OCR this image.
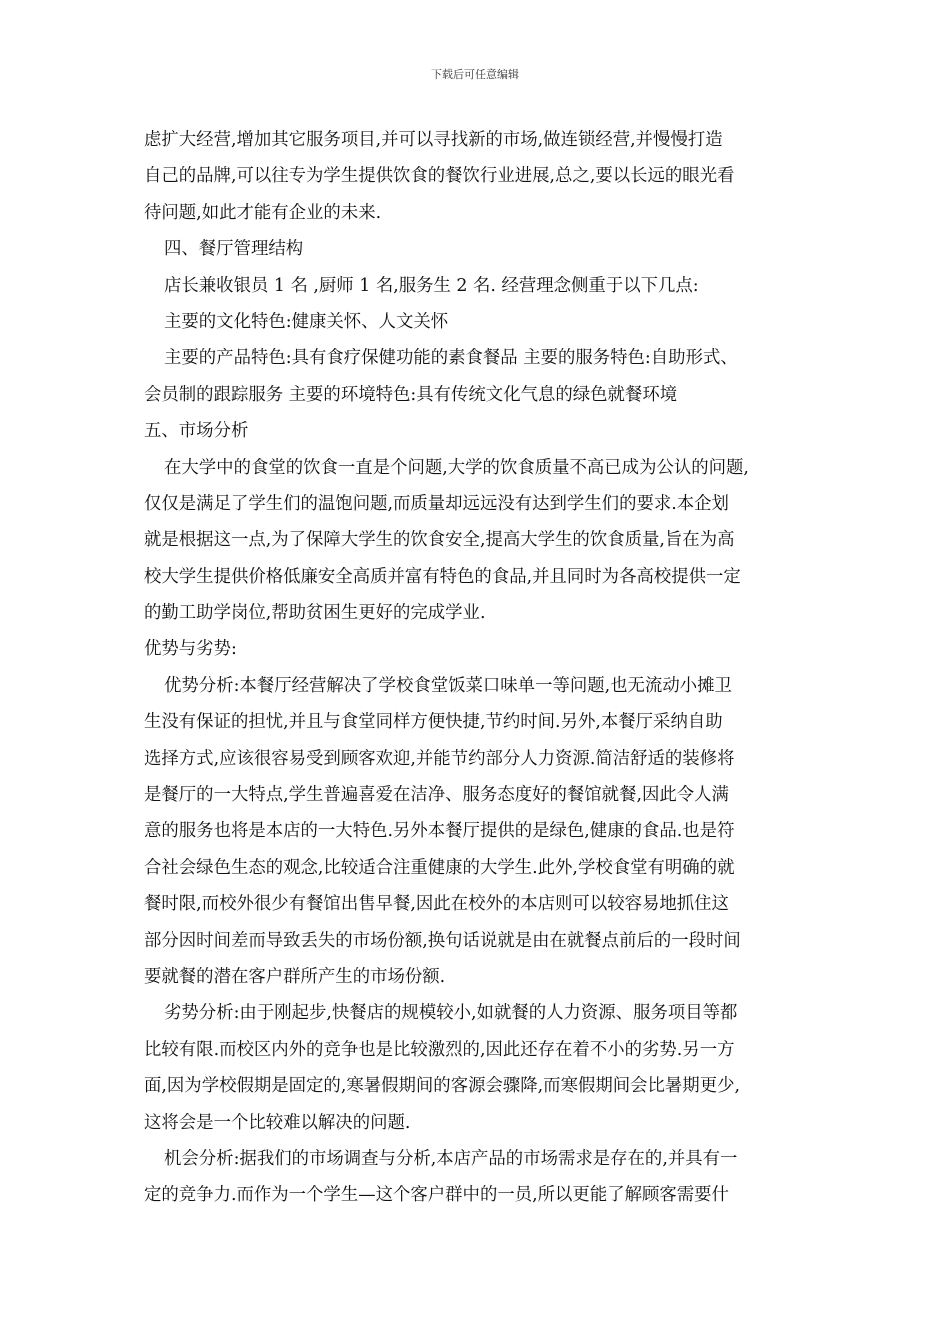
下载后可任意编辑
虑扩大经营,增加其它服务项目,并可以寻找新的市场,做连锁经营,并慢慢打造
自己的品牌,可以往专为学生提供饮食的餐饮行业进展,总之,要以长远的眼光看
待问题,如此才能有企业的未来.
四、餐厅管理结构
店长兼收银员 1 名 ,厨师 1 名,服务生 2 名. 经营理念侧重于以下几点:
主要的文化特色:健康关怀、人文关怀
主要的产品特色:具有食疗保健功能的素食餐品 主要的服务特色:自助形式、
会员制的跟踪服务 主要的环境特色:具有传统文化气息的绿色就餐环境
五、市场分析
在大学中的食堂的饮食一直是个问题,大学的饮食质量不高已成为公认的问题,
仅仅是满足了学生们的温饱问题,而质量却远远没有达到学生们的要求.本企划
就是根据这一点,为了保障大学生的饮食安全,提高大学生的饮食质量,旨在为高
校大学生提供价格低廉安全高质并富有特色的食品,并且同时为各高校提供一定
的勤工助学岗位,帮助贫困生更好的完成学业.
优势与劣势:
优势分析:本餐厅经营解决了学校食堂饭菜口味单一等问题,也无流动小摊卫
生没有保证的担忧,并且与食堂同样方便快捷,节约时间.另外,本餐厅采纳自助
选择方式,应该很容易受到顾客欢迎,并能节约部分人力资源.简洁舒适的装修将
是餐厅的一大特点,学生普遍喜爱在洁净、服务态度好的餐馆就餐,因此令人满
意的服务也将是本店的一大特色.另外本餐厅提供的是绿色,健康的食品.也是符
合社会绿色生态的观念,比较适合注重健康的大学生.此外,学校食堂有明确的就
餐时限,而校外很少有餐馆出售早餐,因此在校外的本店则可以较容易地抓住这
部分因时间差而导致丢失的市场份额,换句话说就是由在就餐点前后的一段时间
要就餐的潜在客户群所产生的市场份额.
劣势分析:由于刚起步,快餐店的规模较小,如就餐的人力资源、服务项目等都
比较有限.而校区内外的竞争也是比较激烈的,因此还存在着不小的劣势.另一方
面,因为学校假期是固定的,寒暑假期间的客源会骤降,而寒假期间会比暑期更少,
这将会是一个比较难以解决的问题.
机会分析:据我们的市场调查与分析,本店产品的市场需求是存在的,并具有一
定的竞争力.而作为一个学生—这个客户群中的一员,所以更能了解顾客需要什
